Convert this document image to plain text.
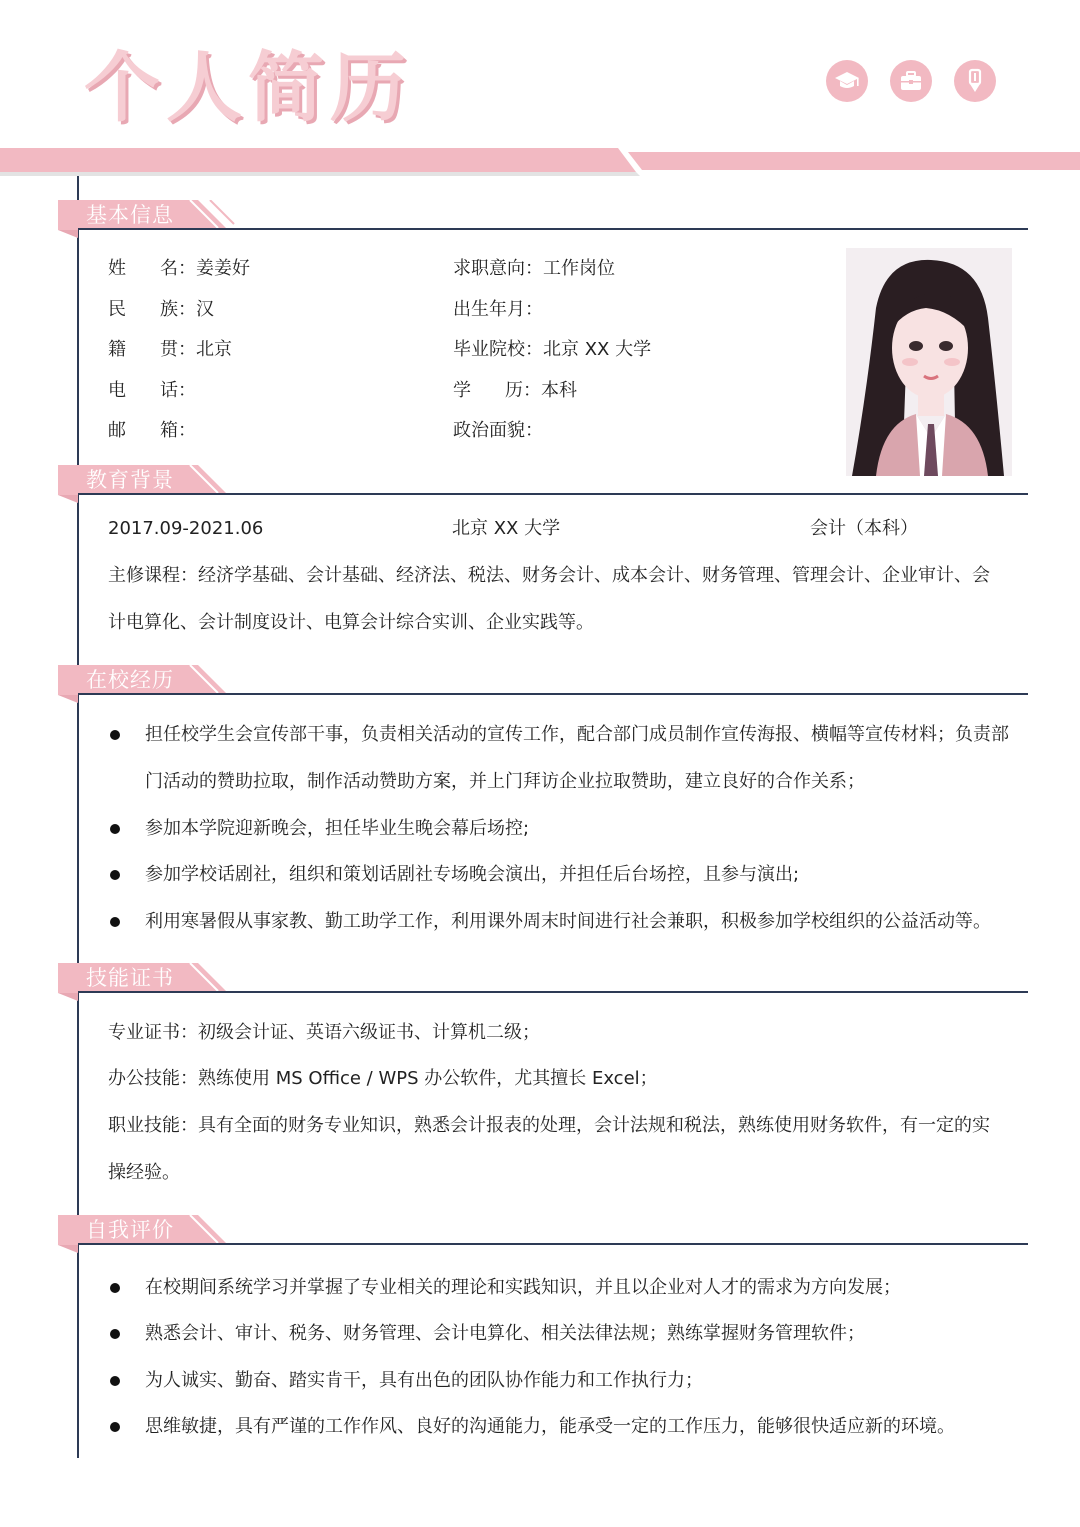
个人简历
基本信息
姓 名 ：姜姜好
民 族 ：汉
籍 贯 ：北京
电 话 ：
邮 箱 ：
求职意向：工作岗位
出生年月：
毕业院校：北京 XX 大学
学 历 ：本科
政治面貌：
教育背景
2017.09-2021.06	北京 XX 大学	会计（本科）
主修课程：经济学基础、会计基础、经济法、税法、财务会计、成本会计、财务管理、管理会计、企业审计、会
计电算化、会计制度设计、电算会计综合实训、企业实践等。
在校经历
担任校学生会宣传部干事，负责相关活动的宣传工作，配合部门成员制作宣传海报、横幅等宣传材料；负责部门活动的赞助拉取，制作活动赞助方案，并上门拜访企业拉取赞助，建立良好的合作关系；
参加本学院迎新晚会，担任毕业生晚会幕后场控;
参加学校话剧社，组织和策划话剧社专场晚会演出，并担任后台场控，且参与演出;
利用寒暑假从事家教、勤工助学工作，利用课外周末时间进行社会兼职，积极参加学校组织的公益活动等。
技能证书
专业证书：初级会计证、英语六级证书、计算机二级；
办公技能：熟练使用 MS Office / WPS 办公软件，尤其擅长 Excel；
职业技能：具有全面的财务专业知识，熟悉会计报表的处理，会计法规和税法，熟练使用财务软件，有一定的实
操经验。
自我评价
在校期间系统学习并掌握了专业相关的理论和实践知识，并且以企业对人才的需求为方向发展；
熟悉会计、审计、税务、财务管理、会计电算化、相关法律法规；熟练掌握财务管理软件；
为人诚实、勤奋、踏实肯干，具有出色的团队协作能力和工作执行力；
思维敏捷，具有严谨的工作作风、良好的沟通能力，能承受一定的工作压力，能够很快适应新的环境。
